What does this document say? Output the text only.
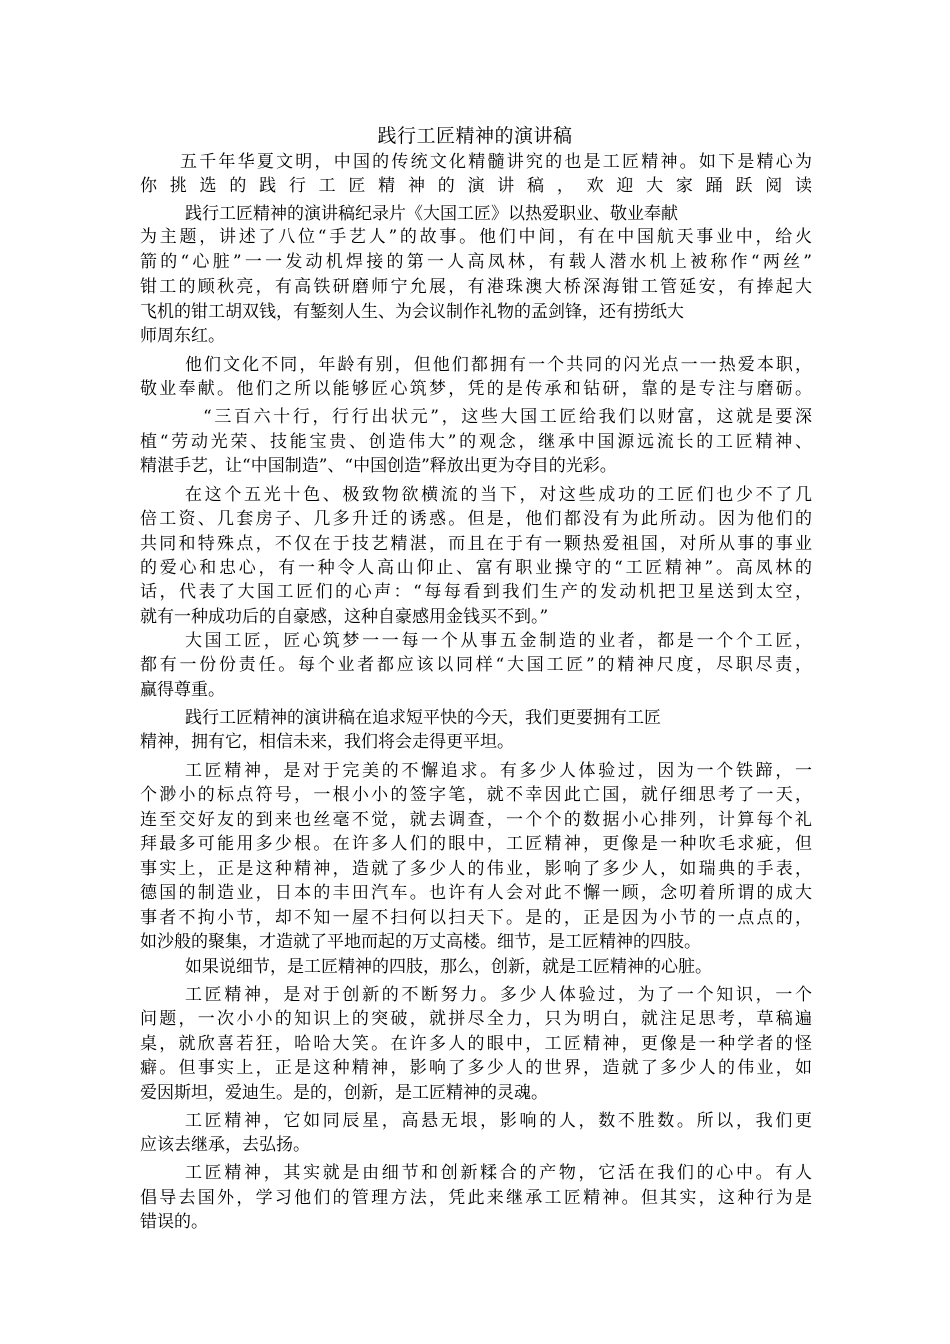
践行工匠精神的演讲稿
五千年华夏文明，中国的传统文化精髓讲究的也是工匠精神。如下是精心为
你挑选的践行工匠精神的演讲稿，欢迎大家踊跃阅读
践行工匠精神的演讲稿纪录片《大国工匠》以热爱职业、敬业奉献
为主题，讲述了八位“手艺人”的故事。他们中间，有在中国航天事业中，给火
箭的“心脏”一一发动机焊接的第一人高凤林，有载人潜水机上被称作“两丝”
钳工的顾秋亮，有高铁研磨师宁允展，有港珠澳大桥深海钳工管延安，有捧起大
飞机的钳工胡双钱，有錾刻人生、为会议制作礼物的孟剑锋，还有捞纸大
师周东红。
他们文化不同，年龄有别，但他们都拥有一个共同的闪光点一一热爱本职，
敬业奉献。他们之所以能够匠心筑梦，凭的是传承和钻研，靠的是专注与磨砺。
“三百六十行，行行出状元”，这些大国工匠给我们以财富，这就是要深
植“劳动光荣、技能宝贵、创造伟大”的观念，继承中国源远流长的工匠精神、
精湛手艺，让“中国制造”、“中国创造”释放出更为夺目的光彩。
在这个五光十色、极致物欲横流的当下，对这些成功的工匠们也少不了几
倍工资、几套房子、几多升迁的诱惑。但是，他们都没有为此所动。因为他们的
共同和特殊点，不仅在于技艺精湛，而且在于有一颗热爱祖国，对所从事的事业
的爱心和忠心，有一种令人高山仰止、富有职业操守的“工匠精神”。高凤林的
话，代表了大国工匠们的心声：“每每看到我们生产的发动机把卫星送到太空，
就有一种成功后的自豪感，这种自豪感用金钱买不到。”
大国工匠，匠心筑梦一一每一个从事五金制造的业者，都是一个个工匠，
都有一份份责任。每个业者都应该以同样“大国工匠”的精神尺度，尽职尽责，
赢得尊重。
践行工匠精神的演讲稿在追求短平快的今天，我们更要拥有工匠
精神，拥有它，相信未来，我们将会走得更平坦。
工匠精神，是对于完美的不懈追求。有多少人体验过，因为一个铁蹄，一
个渺小的标点符号，一根小小的签字笔，就不幸因此亡国，就仔细思考了一天，
连至交好友的到来也丝毫不觉，就去调查，一个个的数据小心排列，计算每个礼
拜最多可能用多少根。在许多人们的眼中，工匠精神，更像是一种吹毛求疵，但
事实上，正是这种精神，造就了多少人的伟业，影响了多少人，如瑞典的手表，
德国的制造业，日本的丰田汽车。也许有人会对此不懈一顾，念叨着所谓的成大
事者不拘小节，却不知一屋不扫何以扫天下。是的，正是因为小节的一点点的，
如沙般的聚集，才造就了平地而起的万丈高楼。细节，是工匠精神的四肢。
如果说细节，是工匠精神的四肢，那么，创新，就是工匠精神的心脏。
工匠精神，是对于创新的不断努力。多少人体验过，为了一个知识，一个
问题，一次小小的知识上的突破，就拼尽全力，只为明白，就注足思考，草稿遍
桌，就欣喜若狂，哈哈大笑。在许多人的眼中，工匠精神，更像是一种学者的怪
癖。但事实上，正是这种精神，影响了多少人的世界，造就了多少人的伟业，如
爱因斯坦，爱迪生。是的，创新，是工匠精神的灵魂。
工匠精神，它如同辰星，高悬无垠，影响的人，数不胜数。所以，我们更
应该去继承，去弘扬。
工匠精神，其实就是由细节和创新糅合的产物，它活在我们的心中。有人
倡导去国外，学习他们的管理方法，凭此来继承工匠精神。但其实，这种行为是
错误的。
